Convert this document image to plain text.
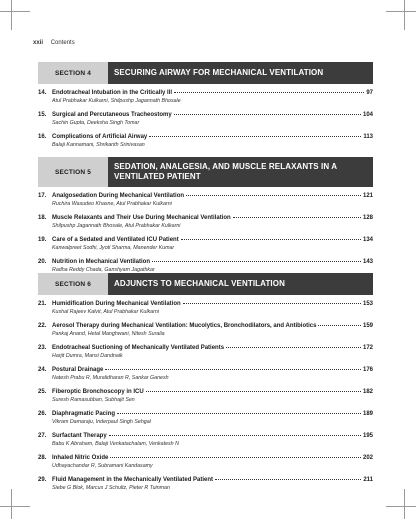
xxii Contents
SECTION 4	SECURING AIRWAY FOR MECHANICAL VENTILATION
14. Endotracheal Intubation in the Critically Ill	97
Atul Prabhakar Kulkarni, Shilpushp Jagannath Bhosale
15. Surgical and Percutaneous Tracheostomy	104
Sachin Gupta, Deeksha Singh Tomar
16. Complications of Artificial Airway	113
Balaji Kannamani, Shrikanth Srinivasan
SECTION 5
SEDATION, ANALGESIA, AND MUSCLE RELAXANTS IN A VENTILATED PATIENT
17. Analgosedation During Mechanical Ventilation	121
Ruchira Wasudeo Khasne, Atul Prabhakar Kulkarni
18. Muscle Relaxants and Their Use During Mechanical Ventilation	128
Shilpushp Jagannath Bhosale, Atul Prabhakar Kulkarni
19. Care of a Sedated and Ventilated ICU Patient	134
Kanwalpreet Sodhi, Jyoti Sharma, Manender Kumar
20. Nutrition in Mechanical Ventilation	143
Radha Reddy Chada, Ganshyam Jagathkar
SECTION 6	ADJUNCTS TO MECHANICAL VENTILATION
21. Humidification During Mechanical Ventilation	153
Kushal Rajeev Kalvit, Atul Prabhakar Kulkarni
22. Aerosol Therapy during Mechanical Ventilation: Mucolytics, Bronchodilators, and Antibiotics	159
Pankaj Anand, Hetal Manghwani, Nitesh Suralia
23. Endotracheal Suctioning of Mechanically Ventilated Patients	172
Harjit Dumra, Mansi Dandnaik
24. Postural Drainage	176
Natesh Prabu R, Muralidharan R, Sankar Ganesh
25. Fiberoptic Bronchoscopy in ICU	182
Suresh Ramasubban, Subhajit Sen
26. Diaphragmatic Pacing	189
Vikram Damaraju, Inderpaul Singh Sehgal
27. Surfactant Therapy	195
Babu K Abraham, Balaji Venkatachalam, Venkatesh N
28. Inhaled Nitric Oxide	202
Udhayachandar R, Subramani Kandasamy
29. Fluid Management in the Mechanically Ventilated Patient	211
Siebe G Blok, Marcus J Schultz, Pieter R Tuinman
